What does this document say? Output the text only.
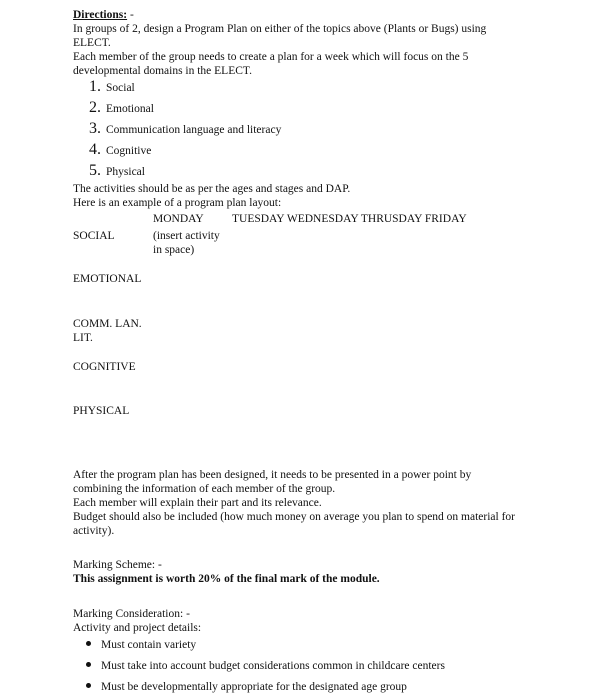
Directions: -
In groups of 2, design a Program Plan on either of the topics above (Plants or Bugs) using
ELECT.
Each member of the group needs to create a plan for a week which will focus on the 5
developmental domains in the ELECT.
1. Social
2. Emotional
3. Communication language and literacy
4. Cognitive
5. Physical
The activities should be as per the ages and stages and DAP.
Here is an example of a program plan layout:
MONDAY TUESDAY WEDNESDAY THRUSDAY FRIDAY
SOCIAL	(insert activity
in space)
EMOTIONAL
COMM. LAN.
LIT.
COGNITIVE
PHYSICAL
After the program plan has been designed, it needs to be presented in a power point by
combining the information of each member of the group.
Each member will explain their part and its relevance.
Budget should also be included (how much money on average you plan to spend on material for
activity).
Marking Scheme: -
This assignment is worth 20% of the final mark of the module.
Marking Consideration: -
Activity and project details:
Must contain variety
Must take into account budget considerations common in childcare centers
Must be developmentally appropriate for the designated age group
